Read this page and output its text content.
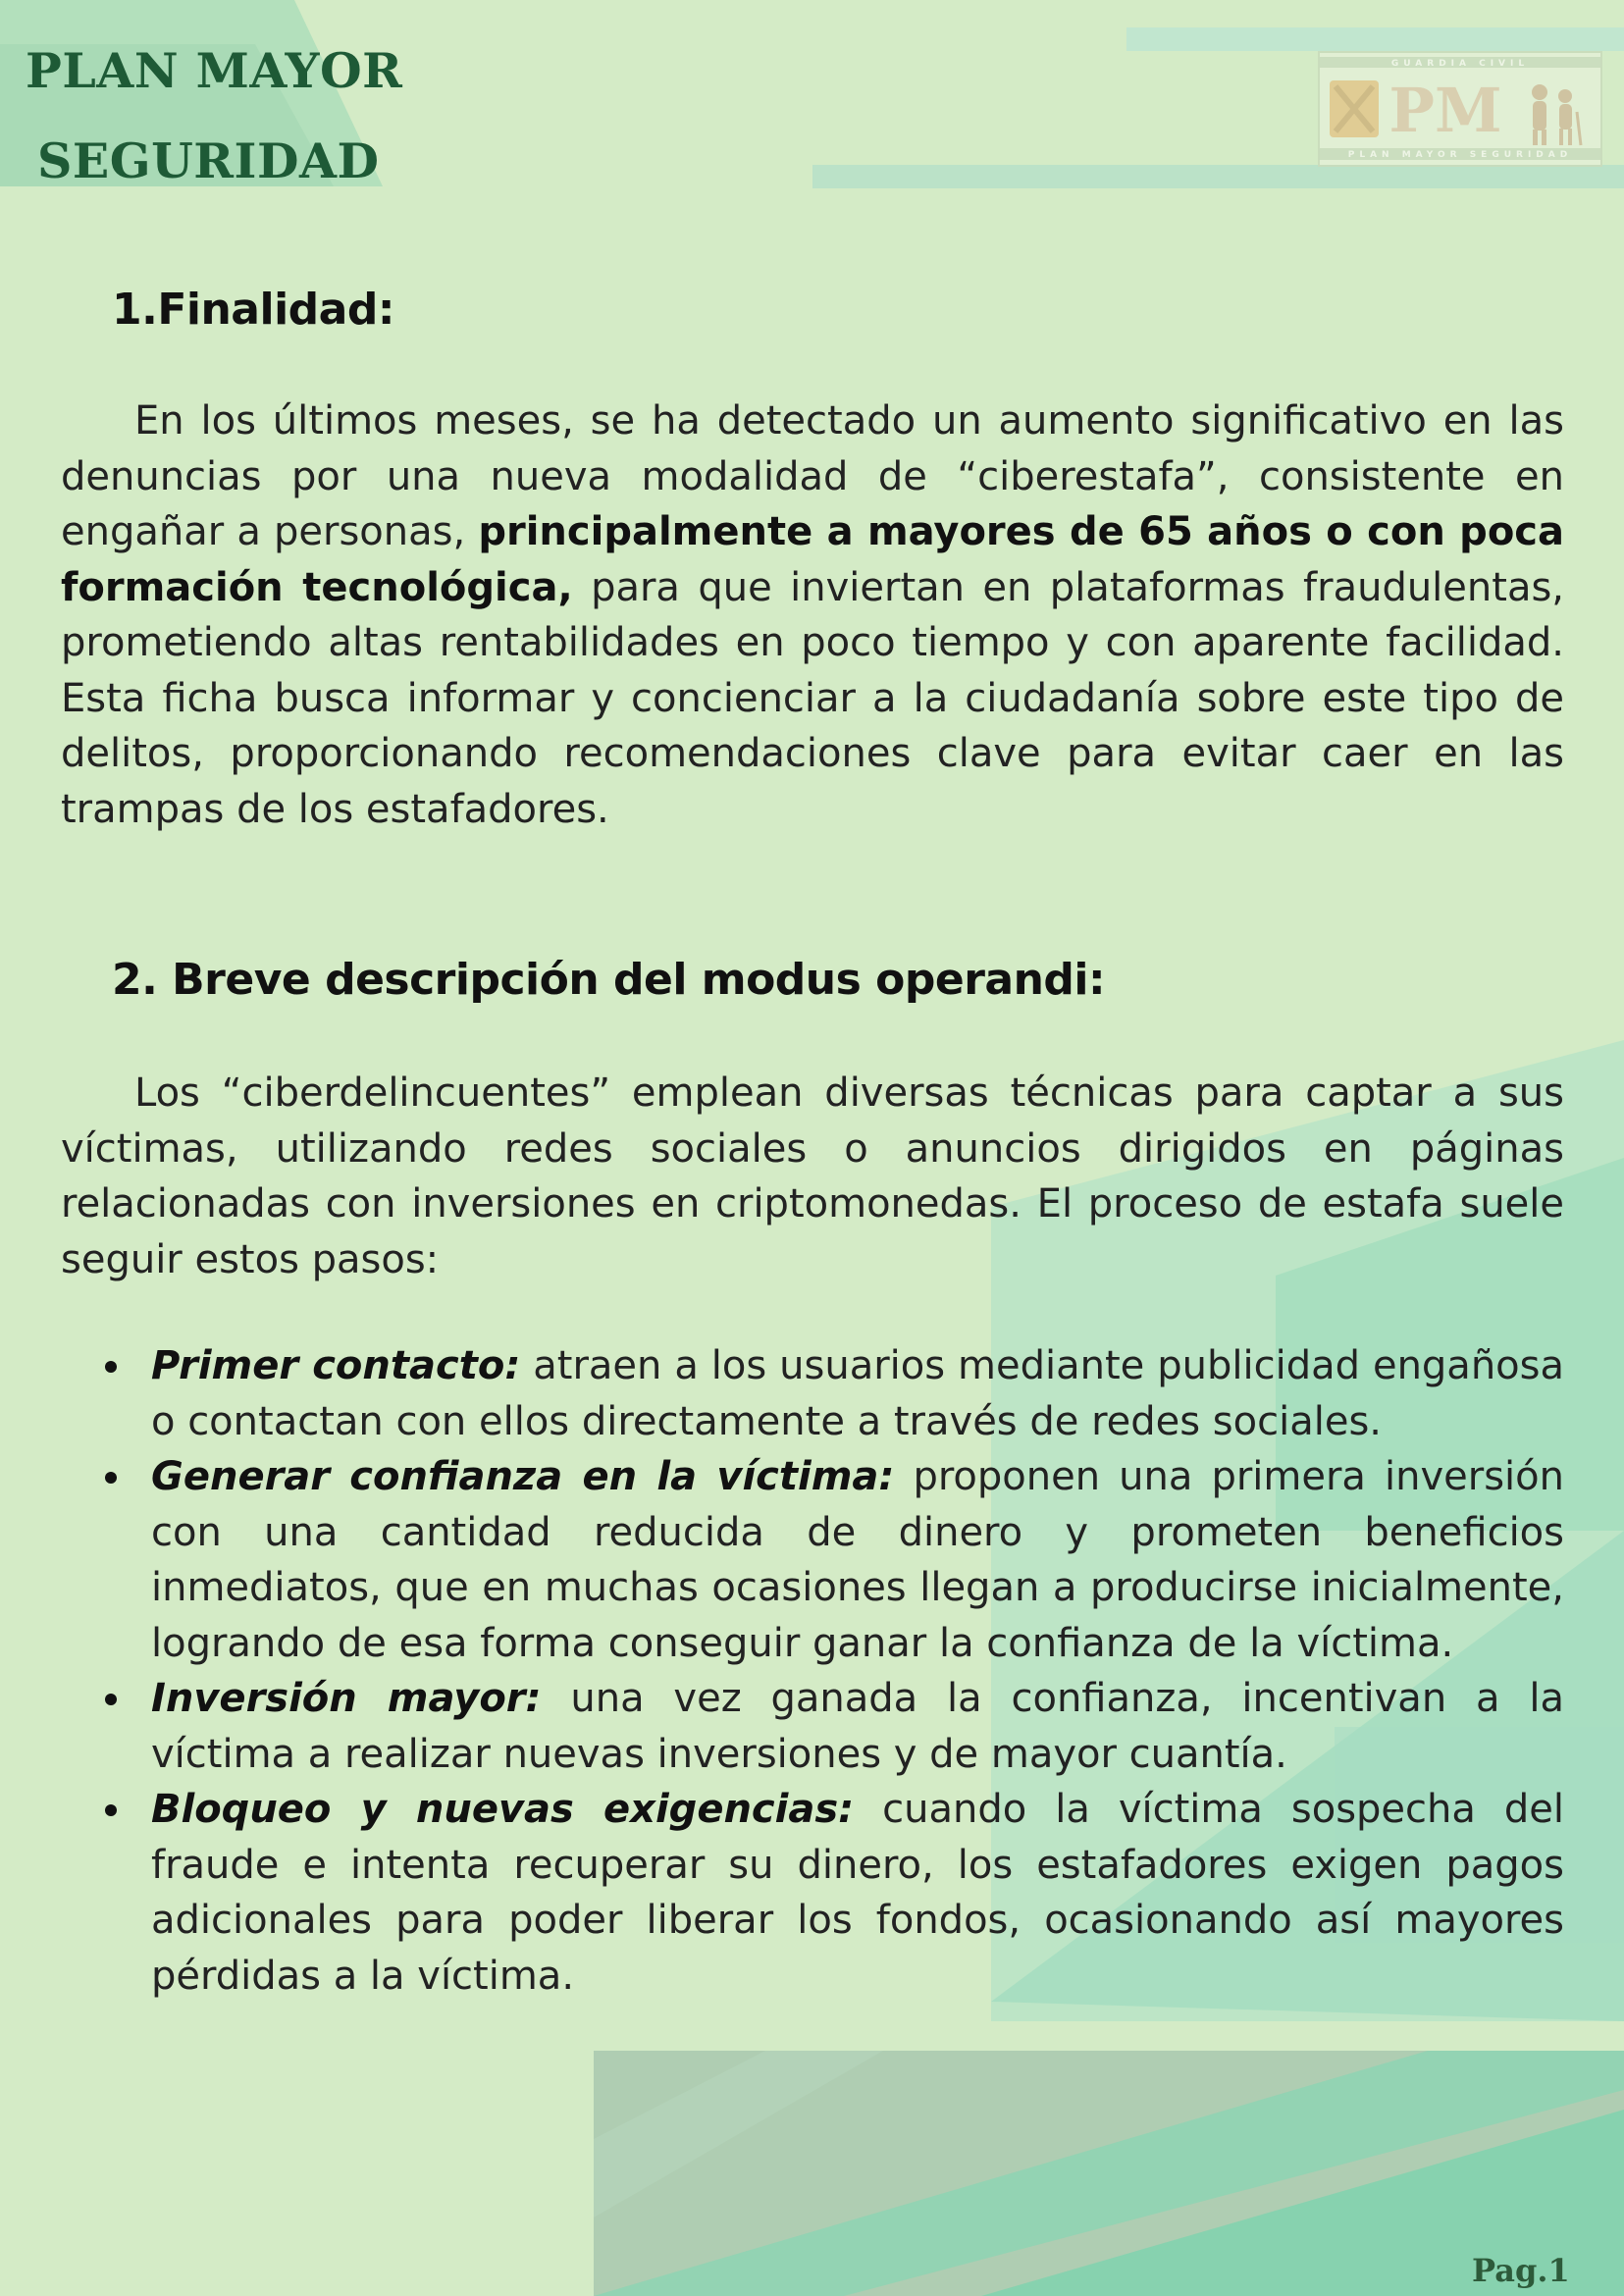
PLAN MAYOR
SEGURIDAD
GUARDIA CIVIL
PM
PLAN MAYOR SEGURIDAD
1.Finalidad:

En los últimos meses, se ha detectado un aumento significativo en las denuncias por una nueva modalidad de “ciberestafa”, consistente en engañar a personas, principalmente a mayores de 65 años o con poca formación tecnológica, para que inviertan en plataformas fraudulentas, prometiendo altas rentabilidades en poco tiempo y con aparente facilidad. Esta ficha busca informar y concienciar a la ciudadanía sobre este tipo de delitos, proporcionando recomendaciones clave para evitar caer en las trampas de los estafadores.

2. Breve descripción del modus operandi:

Los “ciberdelincuentes” emplean diversas técnicas para captar a sus víctimas, utilizando redes sociales o anuncios dirigidos en páginas relacionadas con inversiones en criptomonedas. El proceso de estafa suele seguir estos pasos:

Primer contacto: atraen a los usuarios mediante publicidad engañosa o contactan con ellos directamente a través de redes sociales.
Generar confianza en la víctima: proponen una primera inversión con una cantidad reducida de dinero y prometen beneficios inmediatos, que en muchas ocasiones llegan a producirse inicialmente, logrando de esa forma conseguir ganar la confianza de la víctima.
Inversión mayor: una vez ganada la confianza, incentivan a la víctima a realizar nuevas inversiones y de mayor cuantía.
Bloqueo y nuevas exigencias: cuando la víctima sospecha del fraude e intenta recuperar su dinero, los estafadores exigen pagos adicionales para poder liberar los fondos, ocasionando así mayores pérdidas a la víctima.
Pag.1
